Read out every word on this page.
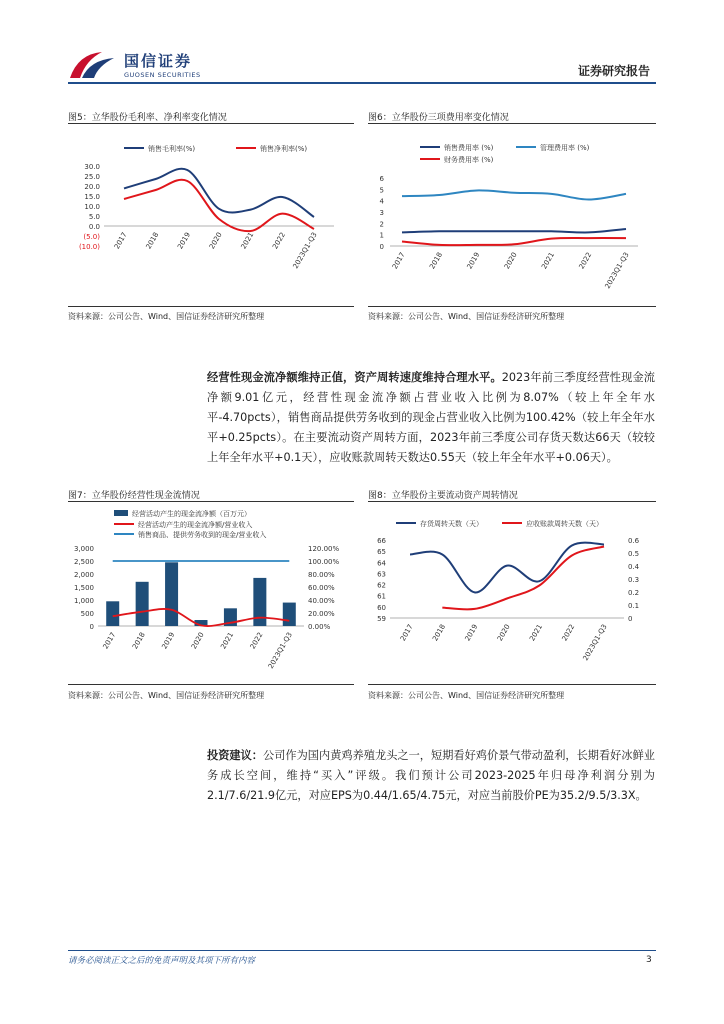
国信证券
GUOSEN SECURITIES	证券研究报告
图5：立华股份毛利率、净利率变化情况
销售毛利率(%)	销售净利率(%)
30.0
25.0
20.0
15.0
10.0
5.0
0.0
(5.0)
(10.0) 2017 2018 2019 2020 2021 2022 2023Q1-Q3
资料来源：公司公告、Wind、国信证券经济研究所整理
图6：立华股份三项费用率变化情况
销售费用率 (%)	管理费用率 (%)
财务费用率 (%)
6
5
4
3
2
1
0
2017	2018	2019	2020	2021	2022 2023Q1-Q3
资料来源：公司公告、Wind、国信证券经济研究所整理
经营性现金流净额维持正值，资产周转速度维持合理水平。2023年前三季度经营性现金流净额9.01亿元，经营性现金流净额占营业收入比例为8.07%（较上年全年水平-4.70pcts），销售商品提供劳务收到的现金占营业收入比例为100.42%（较上年全年水平+0.25pcts）。在主要流动资产周转方面，2023年前三季度公司存货天数达66天（较较上年全年水平+0.1天），应收账款周转天数达0.55天（较上年全年水平+0.06天）。
图7：立华股份经营性现金流情况
经营活动产生的现金流净额（百万元）
经营活动产生的现金流净额/营业收入
销售商品、提供劳务收到的现金/营业收入
3,000
2,500
2,000
1,500
1,000
500
0
120.00%
100.00%
80.00%
60.00%
40.00%
20.00%
0.00%
2017 2018 2019 2020 2021 2022 2023Q1-Q3
资料来源：公司公告、Wind、国信证券经济研究所整理
图8：立华股份主要流动资产周转情况
存货周转天数（天）	应收账款周转天数（天）
66
65
64
63
62
61
60
59
0.6
0.5
0.4
0.3
0.2
0.1
0
2017 2018 2019 2020 2021 2022 2023Q1-Q3
资料来源：公司公告、Wind、国信证券经济研究所整理
投资建议：公司作为国内黄鸡养殖龙头之一，短期看好鸡价景气带动盈利，长期看好冰鲜业务成长空间，维持“买入”评级。我们预计公司2023-2025年归母净利润分别为2.1/7.6/21.9亿元，对应EPS为0.44/1.65/4.75元，对应当前股价PE为35.2/9.5/3.3X。
请务必阅读正文之后的免责声明及其项下所有内容	3
